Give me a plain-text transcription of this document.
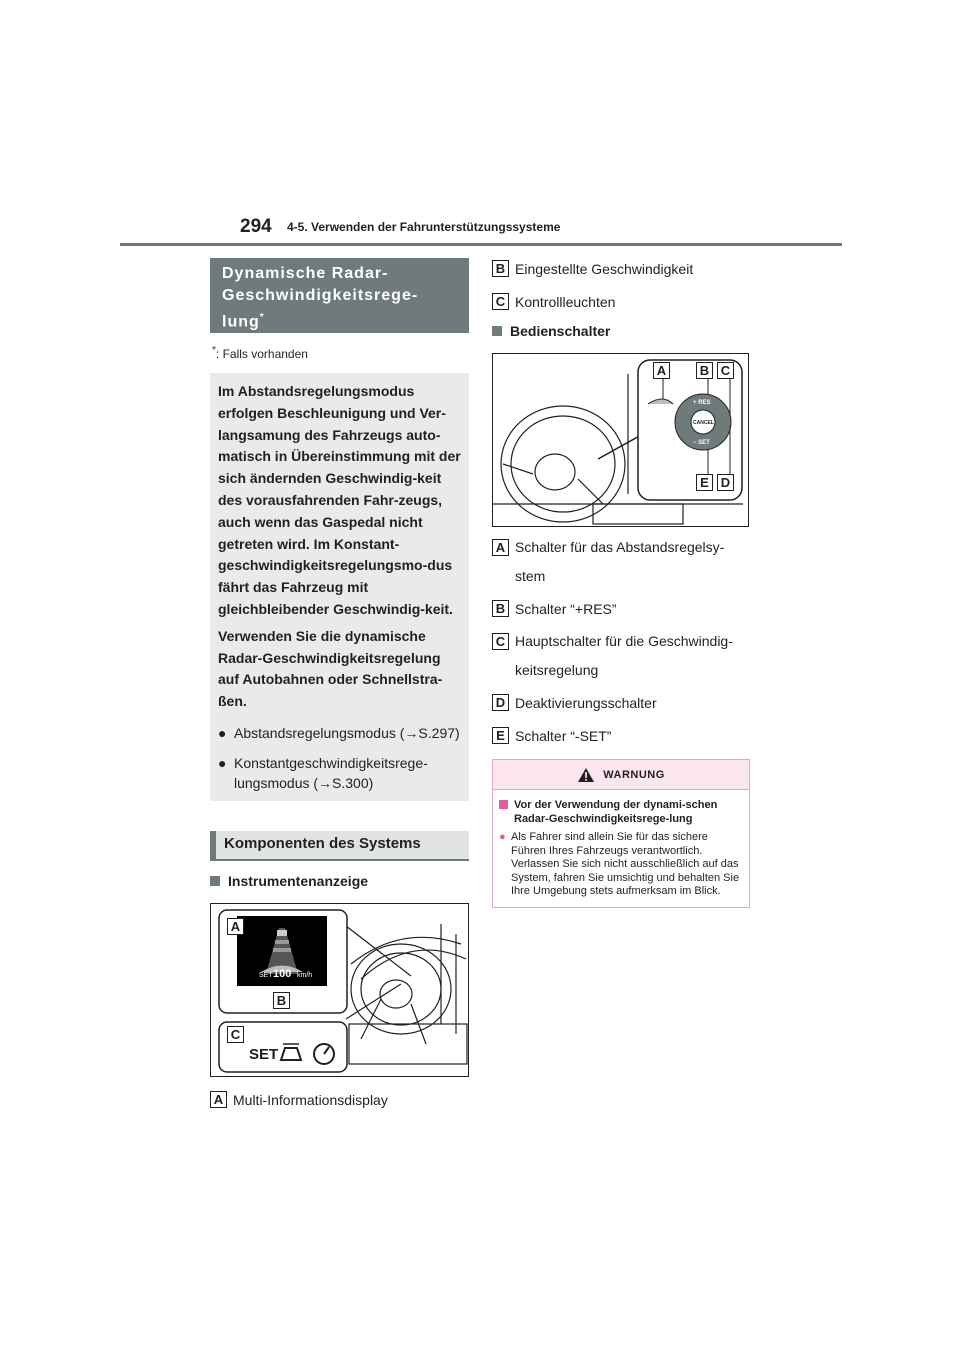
294 4-5. Verwenden der Fahrunterstützungssysteme
Dynamische Radar-
Geschwindigkeitsrege-
lung*
*: Falls vorhanden

Im Abstandsregelungsmodus erfolgen Beschleunigung und Ver-langsamung des Fahrzeugs auto-matisch in Übereinstimmung mit der sich ändernden Geschwindig-keit des vorausfahrenden Fahr-zeugs, auch wenn das Gaspedal nicht getreten wird. Im Konstant-geschwindigkeitsregelungsmo-dus fährt das Fahrzeug mit gleichbleibender Geschwindig-keit.

Verwenden Sie die dynamische Radar-Geschwindigkeitsregelung auf Autobahnen oder Schnellstra-ßen.

● Abstandsregelungsmodus (→S.297)
● Konstantgeschwindigkeitsrege-lungsmodus (→S.300)
Komponenten des Systems
Instrumentenanzeige
A
B
C
SET 100 km/h
SET
A Multi-Informationsdisplay
B Eingestellte Geschwindigkeit
C Kontrollleuchten
Bedienschalter
A	B C
D
E
+ RES
CANCEL
− SET
A Schalter für das Abstandsregelsy-stem
B Schalter “+RES”
C Hauptschalter für die Geschwindig-keitsregelung
D Deaktivierungsschalter
E Schalter “-SET”
WARNUNG
Vor der Verwendung der dynami-schen Radar-Geschwindigkeitsrege-lung
● Als Fahrer sind allein Sie für das sichere Führen Ihres Fahrzeugs verantwortlich. Verlassen Sie sich nicht ausschließlich auf das System, fahren Sie umsichtig und behalten Sie Ihre Umgebung stets aufmerksam im Blick.
